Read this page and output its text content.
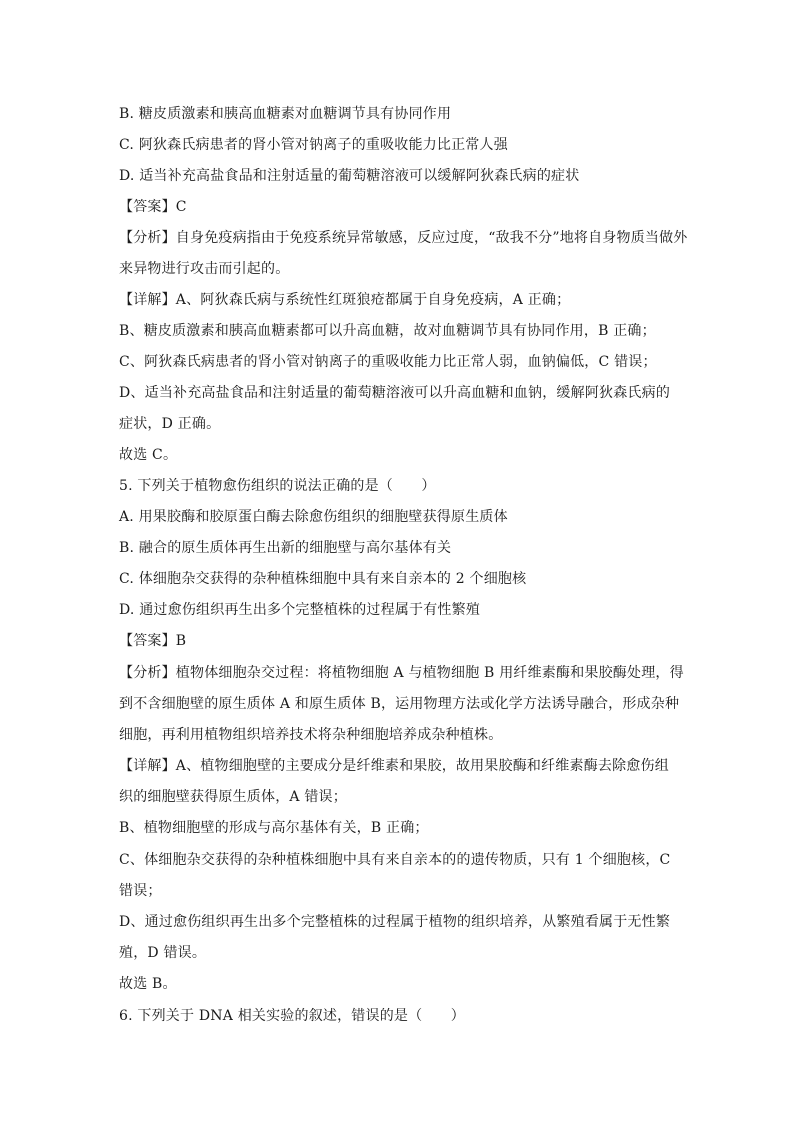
B. 糖皮质激素和胰高血糖素对血糖调节具有协同作用
C. 阿狄森氏病患者的肾小管对钠离子的重吸收能力比正常人强
D. 适当补充高盐食品和注射适量的葡萄糖溶液可以缓解阿狄森氏病的症状
【答案】C
【分析】自身免疫病指由于免疫系统异常敏感，反应过度，“敌我不分”地将自身物质当做外
来异物进行攻击而引起的。
【详解】A、阿狄森氏病与系统性红斑狼疮都属于自身免疫病，A 正确；
B、糖皮质激素和胰高血糖素都可以升高血糖，故对血糖调节具有协同作用，B 正确；
C、阿狄森氏病患者的肾小管对钠离子的重吸收能力比正常人弱，血钠偏低，C 错误；
D、适当补充高盐食品和注射适量的葡萄糖溶液可以升高血糖和血钠，缓解阿狄森氏病的
症状，D 正确。
故选 C。
5. 下列关于植物愈伤组织的说法正确的是（　　）
A. 用果胶酶和胶原蛋白酶去除愈伤组织的细胞壁获得原生质体
B. 融合的原生质体再生出新的细胞壁与高尔基体有关
C. 体细胞杂交获得的杂种植株细胞中具有来自亲本的 2 个细胞核
D. 通过愈伤组织再生出多个完整植株的过程属于有性繁殖
【答案】B
【分析】植物体细胞杂交过程：将植物细胞 A 与植物细胞 B 用纤维素酶和果胶酶处理，得
到不含细胞壁的原生质体 A 和原生质体 B，运用物理方法或化学方法诱导融合，形成杂种
细胞，再利用植物组织培养技术将杂种细胞培养成杂种植株。
【详解】A、植物细胞壁的主要成分是纤维素和果胶，故用果胶酶和纤维素酶去除愈伤组
织的细胞壁获得原生质体，A 错误；
B、植物细胞壁的形成与高尔基体有关，B 正确；
C、体细胞杂交获得的杂种植株细胞中具有来自亲本的的遗传物质，只有 1 个细胞核，C
错误；
D、通过愈伤组织再生出多个完整植株的过程属于植物的组织培养，从繁殖看属于无性繁
殖，D 错误。
故选 B。
6. 下列关于 DNA 相关实验的叙述，错误的是（　　）
